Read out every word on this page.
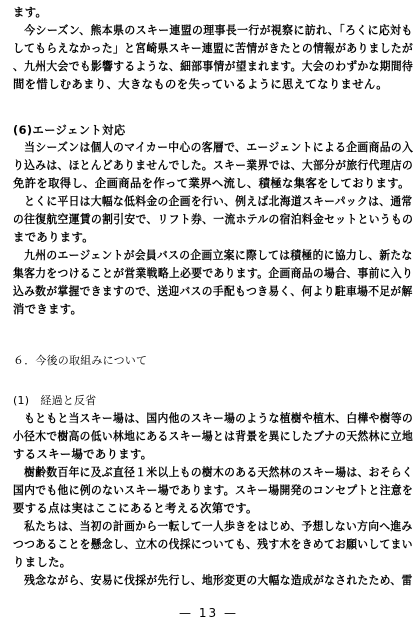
ます。
　今シーズン、熊本県のスキー連盟の理事長一行が視察に訪れ、「ろくに応対も
してもらえなかった」と宮崎県スキー連盟に苦情がきたとの情報がありましたが
、九州大会でも影響するような、細部事情が望まれます。大会のわずかな期間待
間を惜しむあまり、大きなものを失っているように思えてなりません。
(6)エージェント対応
　当シーズンは個人のマイカー中心の客層で、エージェントによる企画商品の入
り込みは、ほとんどありませんでした。スキー業界では、大部分が旅行代理店の
免許を取得し、企画商品を作って業界へ流し、積極な集客をしております。
　とくに平日は大幅な低料金の企画を行い、例えば北海道スキーパックは、通常
の往復航空運賃の割引安で、リフト券、一流ホテルの宿泊料金セットというもの
まであります。
　九州のエージェントが会員バスの企画立案に際しては積極的に協力し、新たな
集客力をつけることが営業戦略上必要であります。企画商品の場合、事前に入り
込み数が掌握できますので、送迎バスの手配もつき易く、何より駐車場不足が解
消できます。
６．今後の取組みについて
(1)　経過と反省
　もともと当スキー場は、国内他のスキー場のような植樹や植木、白樺や樹等の
小径木で樹高の低い林地にあるスキー場とは背景を異にしたブナの天然林に立地
するスキー場であります。
　樹齢数百年に及ぶ直径１米以上もの樹木のある天然林のスキー場は、おそらく
国内でも他に例のないスキー場であります。スキー場開発のコンセプトと注意を
要する点は実はここにあると考える次第です。
　私たちは、当初の計画から一転して一人歩きをはじめ、予想しない方向へ進み
つつあることを懸念し、立木の伐採についても、残す木をきめてお願いしてまい
りました。
　残念ながら、安易に伐採が先行し、地形変更の大幅な造成がなされたため、雷
— 13 —
